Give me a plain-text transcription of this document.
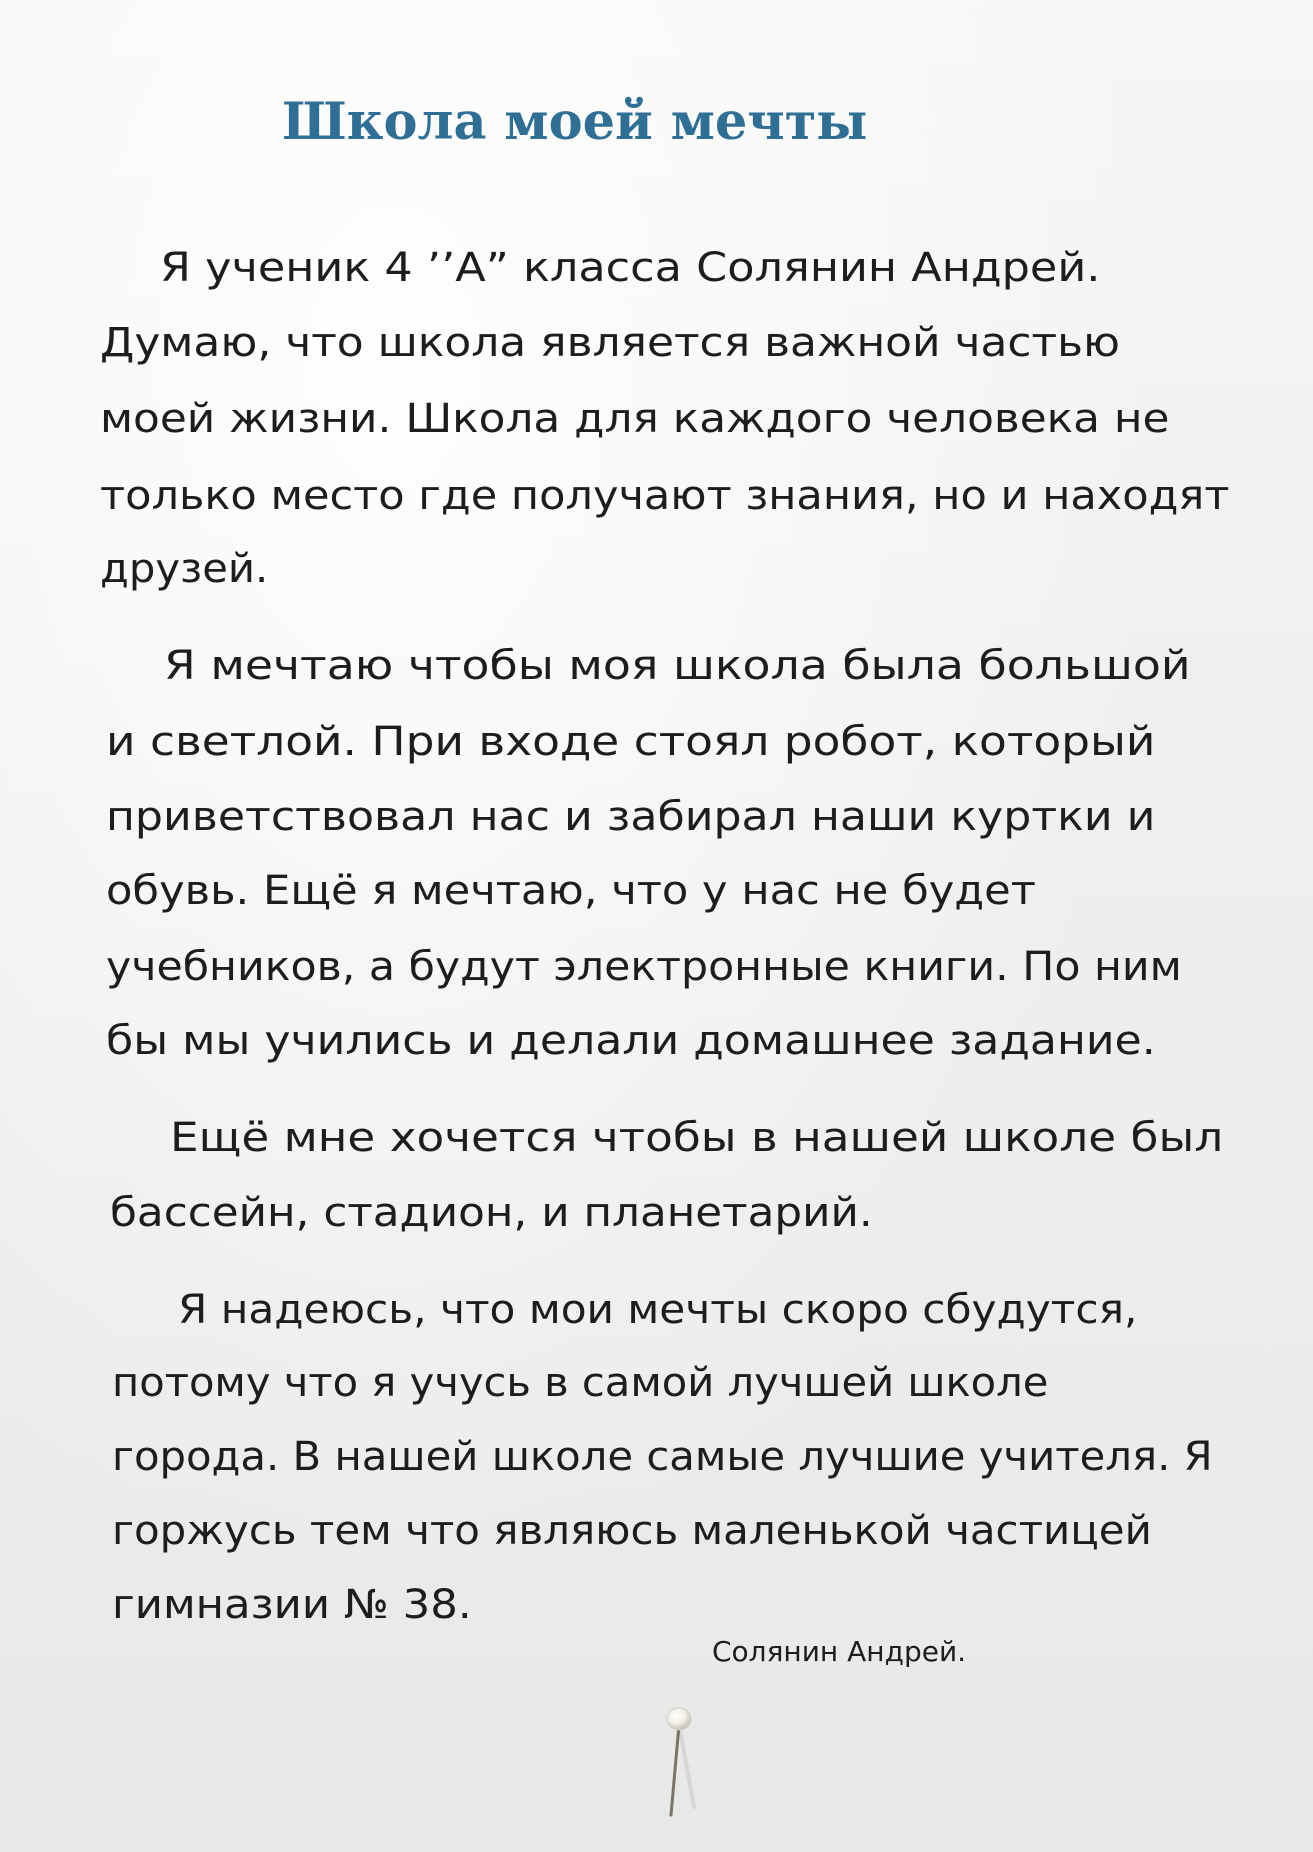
Школа моей мечты
Я ученик 4 ’’А” класса Солянин Андрей.
Думаю, что школа является важной частью
моей жизни. Школа для каждого человека не
только место где получают знания, но и находят
друзей.
Я мечтаю чтобы моя школа была большой
и светлой. При входе стоял робот, который
приветствовал нас и забирал наши куртки и
обувь. Ещё я мечтаю, что у нас не будет
учебников, а будут электронные книги. По ним
бы мы учились и делали домашнее задание.
Ещё мне хочется чтобы в нашей школе был
бассейн, стадион, и планетарий.
Я надеюсь, что мои мечты скоро сбудутся,
потому что я учусь в самой лучшей школе
города. В нашей школе самые лучшие учителя. Я
горжусь тем что являюсь маленькой частицей
гимназии № 38.
Солянин Андрей.
